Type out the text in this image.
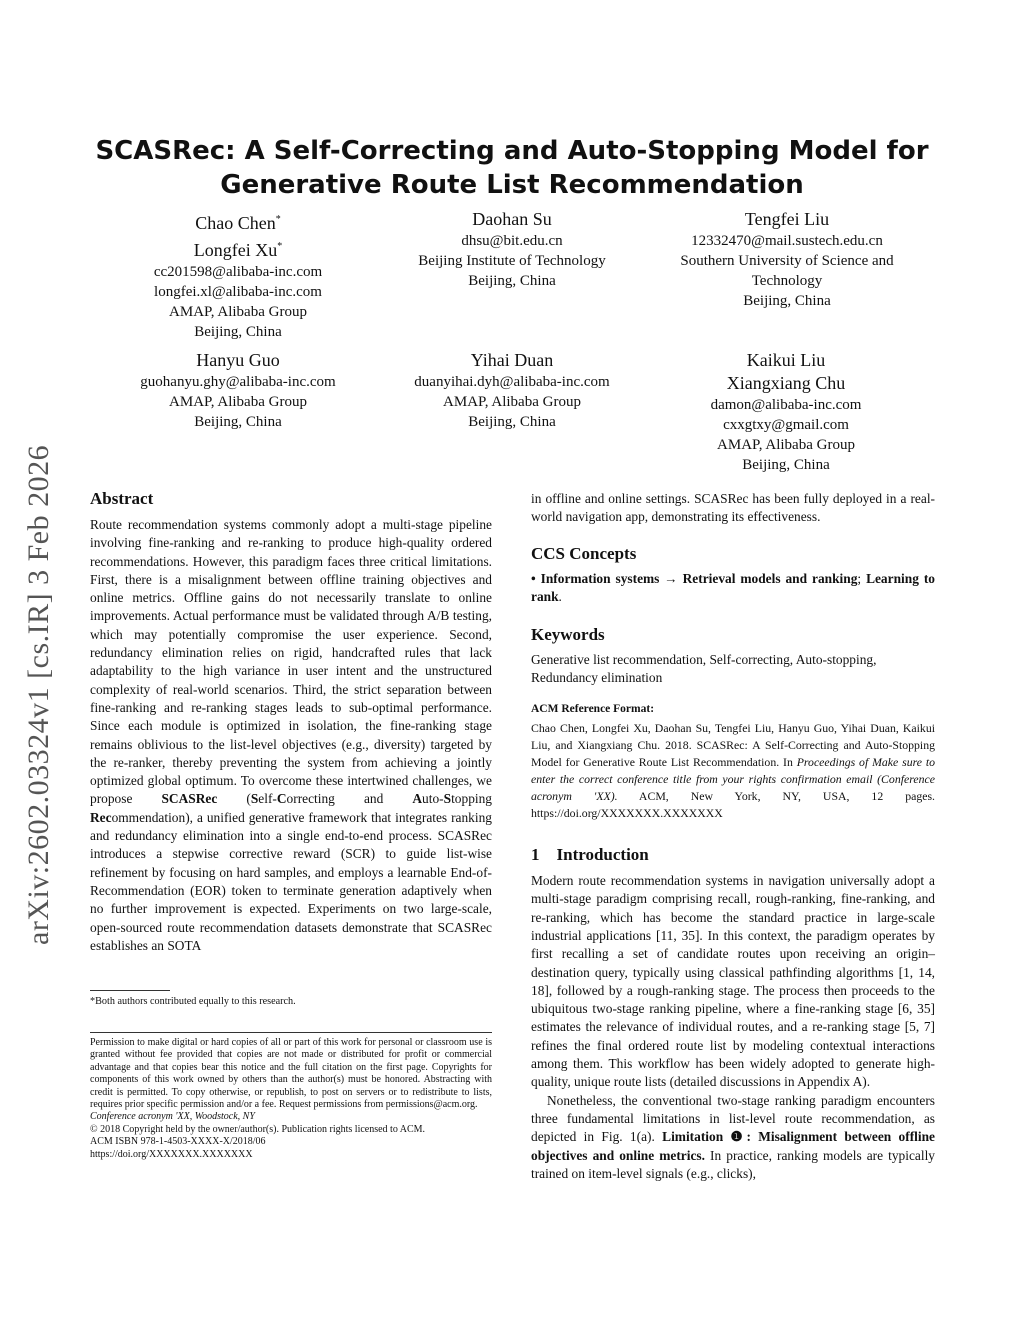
arXiv:2602.03324v1 [cs.IR] 3 Feb 2026
SCASRec: A Self-Correcting and Auto-Stopping Model for
Generative Route List Recommendation
Chao Chen*
Longfei Xu*
cc201598@alibaba-inc.com
longfei.xl@alibaba-inc.com
AMAP, Alibaba Group
Beijing, China
Daohan Su
dhsu@bit.edu.cn
Beijing Institute of Technology
Beijing, China
Tengfei Liu
12332470@mail.sustech.edu.cn
Southern University of Science and
Technology
Beijing, China
Hanyu Guo
guohanyu.ghy@alibaba-inc.com
AMAP, Alibaba Group
Beijing, China
Yihai Duan
duanyihai.dyh@alibaba-inc.com
AMAP, Alibaba Group
Beijing, China
Kaikui Liu
Xiangxiang Chu
damon@alibaba-inc.com
cxxgtxy@gmail.com
AMAP, Alibaba Group
Beijing, China

Abstract

Route recommendation systems commonly adopt a multi-stage pipeline involving fine-ranking and re-ranking to produce high-quality ordered recommendations. However, this paradigm faces three critical limitations. First, there is a misalignment between offline training objectives and online metrics. Offline gains do not necessarily translate to online improvements. Actual performance must be validated through A/B testing, which may potentially compromise the user experience. Second, redundancy elimination relies on rigid, handcrafted rules that lack adaptability to the high variance in user intent and the unstructured complexity of real-world scenarios. Third, the strict separation between fine-ranking and re-ranking stages leads to sub-optimal performance. Since each module is optimized in isolation, the fine-ranking stage remains oblivious to the list-level objectives (e.g., diversity) targeted by the re-ranker, thereby preventing the system from achieving a jointly optimized global optimum. To overcome these intertwined challenges, we propose SCASRec (Self-Correcting and Auto-Stopping Recommendation), a unified generative framework that integrates ranking and redundancy elimination into a single end-to-end process. SCASRec introduces a stepwise corrective reward (SCR) to guide list-wise refinement by focusing on hard samples, and employs a learnable End-of-Recommendation (EOR) token to terminate generation adaptively when no further improvement is expected. Experiments on two large-scale, open-sourced route recommendation datasets demonstrate that SCASRec establishes an SOTA

*Both authors contributed equally to this research.

Permission to make digital or hard copies of all or part of this work for personal or classroom use is granted without fee provided that copies are not made or distributed for profit or commercial advantage and that copies bear this notice and the full citation on the first page. Copyrights for components of this work owned by others than the author(s) must be honored. Abstracting with credit is permitted. To copy otherwise, or republish, to post on servers or to redistribute to lists, requires prior specific permission and/or a fee. Request permissions from permissions@acm.org.

Conference acronym 'XX, Woodstock, NY

© 2018 Copyright held by the owner/author(s). Publication rights licensed to ACM.

ACM ISBN 978-1-4503-XXXX-X/2018/06

https://doi.org/XXXXXXX.XXXXXXX

in offline and online settings. SCASRec has been fully deployed in a real-world navigation app, demonstrating its effectiveness.

CCS Concepts

• Information systems → Retrieval models and ranking; Learning to rank.

Keywords

Generative list recommendation, Self-correcting, Auto-stopping, Redundancy elimination

ACM Reference Format:

Chao Chen, Longfei Xu, Daohan Su, Tengfei Liu, Hanyu Guo, Yihai Duan, Kaikui Liu, and Xiangxiang Chu. 2018. SCASRec: A Self-Correcting and Auto-Stopping Model for Generative Route List Recommendation. In Proceedings of Make sure to enter the correct conference title from your rights confirmation email (Conference acronym 'XX). ACM, New York, NY, USA, 12 pages. https://doi.org/XXXXXXX.XXXXXXX

1    Introduction

Modern route recommendation systems in navigation universally adopt a multi-stage paradigm comprising recall, rough-ranking, fine-ranking, and re-ranking, which has become the standard practice in large-scale industrial applications [11, 35]. In this context, the paradigm operates by first recalling a set of candidate routes upon receiving an origin–destination query, typically using classical pathfinding algorithms [1, 14, 18], followed by a rough-ranking stage. The process then proceeds to the ubiquitous two-stage ranking pipeline, where a fine-ranking stage [6, 35] estimates the relevance of individual routes, and a re-ranking stage [5, 7] refines the final ordered route list by modeling contextual interactions among them. This workflow has been widely adopted to generate high-quality, unique route lists (detailed discussions in Appendix A).

Nonetheless, the conventional two-stage ranking paradigm encounters three fundamental limitations in list-level route recommendation, as depicted in Fig. 1(a). Limitation ❶: Misalignment between offline objectives and online metrics. In practice, ranking models are typically trained on item-level signals (e.g., clicks),
